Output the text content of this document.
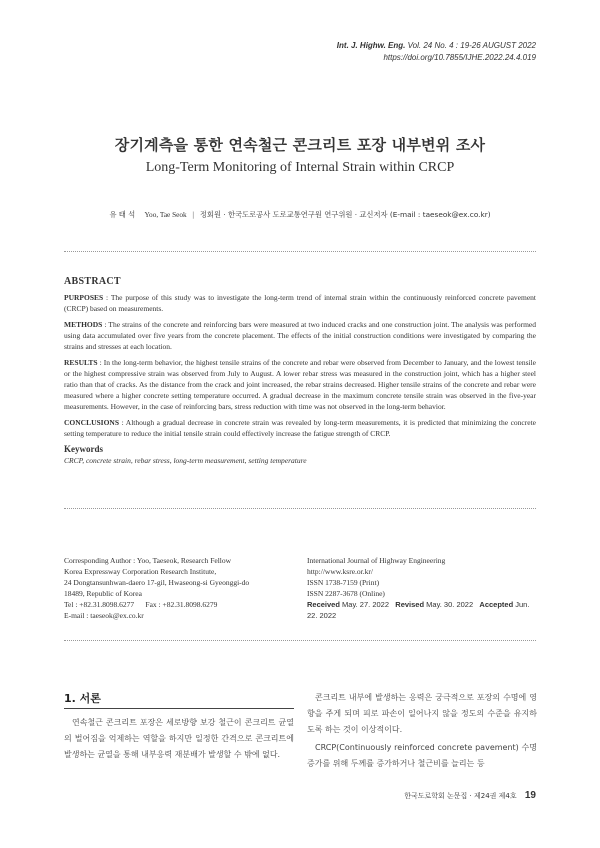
Int. J. Highw. Eng. Vol. 24 No. 4 : 19-26 AUGUST 2022
https://doi.org/10.7855/IJHE.2022.24.4.019
장기계측을 통한 연속철근 콘크리트 포장 내부변위 조사
Long-Term Monitoring of Internal Strain within CRCP
유 태 석 Yoo, Tae Seok | 정회원 · 한국도로공사 도로교통연구원 연구위원 · 교신저자 (E-mail : taeseok@ex.co.kr)
ABSTRACT

PURPOSES : The purpose of this study was to investigate the long-term trend of internal strain within the continuously reinforced concrete pavement (CRCP) based on measurements.

METHODS : The strains of the concrete and reinforcing bars were measured at two induced cracks and one construction joint. The analysis was performed using data accumulated over five years from the concrete placement. The effects of the initial construction conditions were investigated by comparing the strains and stresses at each location.

RESULTS : In the long-term behavior, the highest tensile strains of the concrete and rebar were observed from December to January, and the lowest tensile or the highest compressive strain was observed from July to August. A lower rebar stress was measured in the construction joint, which has a higher steel ratio than that of cracks. As the distance from the crack and joint increased, the rebar strains decreased. Higher tensile strains of the concrete and rebar were measured where a higher concrete setting temperature occurred. A gradual decrease in the maximum concrete tensile strain was observed in the five-year measurements. However, in the case of reinforcing bars, stress reduction with time was not observed in the long-term behavior.

CONCLUSIONS : Although a gradual decrease in concrete strain was revealed by long-term measurements, it is predicted that minimizing the concrete setting temperature to reduce the initial tensile strain could effectively increase the fatigue strength of CRCP.

Keywords
CRCP, concrete strain, rebar stress, long-term measurement, setting temperature
Corresponding Author : Yoo, Taeseok, Research Fellow
Korea Expressway Corporation Research Institute,
24 Dongtansunhwan-daero 17-gil, Hwaseong-si Gyeonggi-do
18489, Republic of Korea
Tel : +82.31.8098.6277      Fax : +82.31.8098.6279
E-mail : taeseok@ex.co.kr
International Journal of Highway Engineering
http://www.ksre.or.kr/
ISSN 1738-7159 (Print)
ISSN 2287-3678 (Online)
Received May. 27. 2022 Revised May. 30. 2022 Accepted Jun. 22. 2022
1. 서론

연속철근 콘크리트 포장은 세로방향 보강 철근이 콘크리트 균열의 벌어짐을 억제하는 역할을 하지만 일정한 간격으로 콘크리트에 발생하는 균열을 통해 내부응력 재분배가 발생할 수 밖에 없다.

콘크리트 내부에 발생하는 응력은 궁극적으로 포장의 수명에 영향을 주게 되며 피로 파손이 일어나지 않을 정도의 수준을 유지하도록 하는 것이 이상적이다.

CRCP(Continuously reinforced concrete pavement) 수명 증가를 위해 두께를 증가하거나 철근비를 늘리는 등

한국도로학회 논문집 · 제24권 제4호 19
